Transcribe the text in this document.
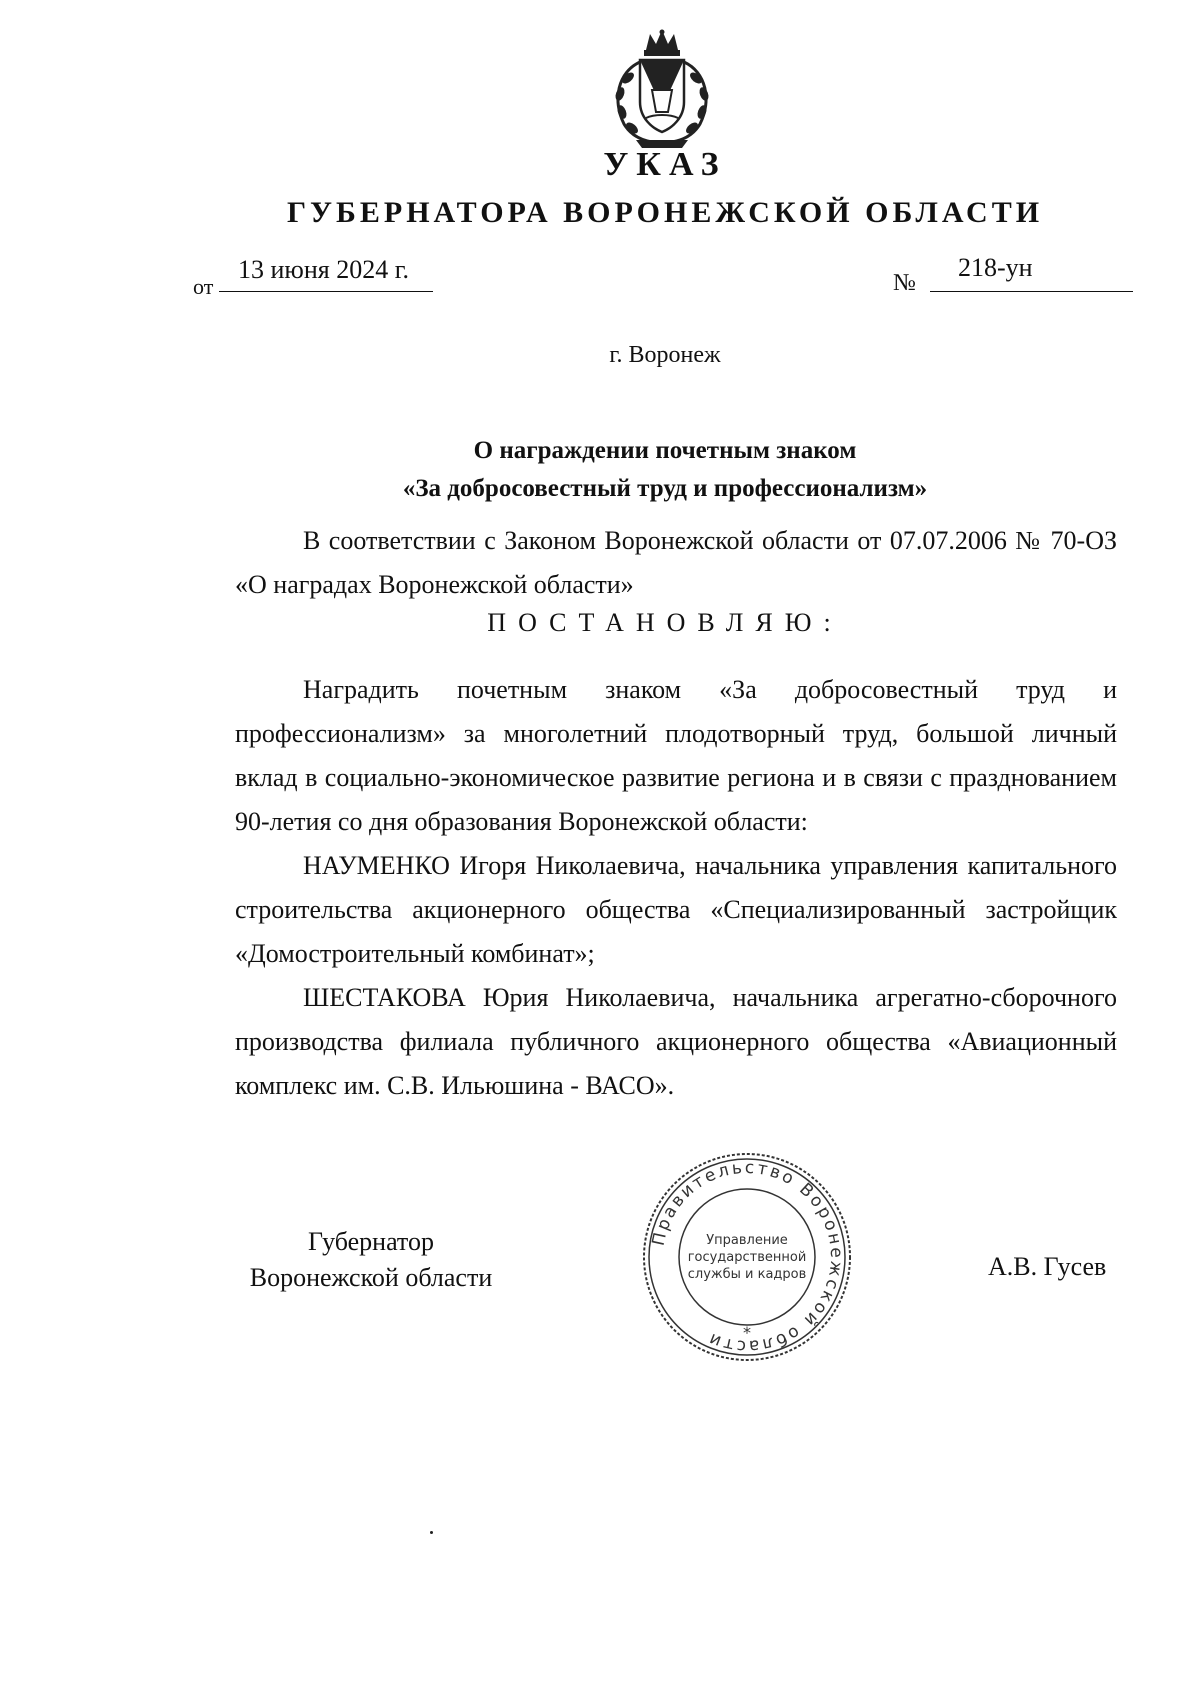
УКАЗ
ГУБЕРНАТОРА ВОРОНЕЖСКОЙ ОБЛАСТИ
от
13 июня 2024 г.	№
218-ун
г. Воронеж
О награждении почетным знаком
«За добросовестный труд и профессионализм»
В соответствии с Законом Воронежской области от 07.07.2006 № 70-ОЗ «О наградах Воронежской области»
ПОСТАНОВЛЯЮ:
Наградить почетным знаком «За добросовестный труд и профессионализм» за многолетний плодотворный труд, большой личный вклад в социально-экономическое развитие региона и в связи с празднованием 90-летия со дня образования Воронежской области:
НАУМЕНКО Игоря Николаевича, начальника управления капитального строительства акционерного общества «Специализированный застройщик «Домостроительный комбинат»;
ШЕСТАКОВА Юрия Николаевича, начальника агрегатно-сборочного производства филиала публичного акционерного общества «Авиационный комплекс им. С.В. Ильюшина - ВАСО».
Губернатор
Воронежской области	А.В. Гусев
Правительство Воронежской области	*
Управление
государственной
службы и кадров
